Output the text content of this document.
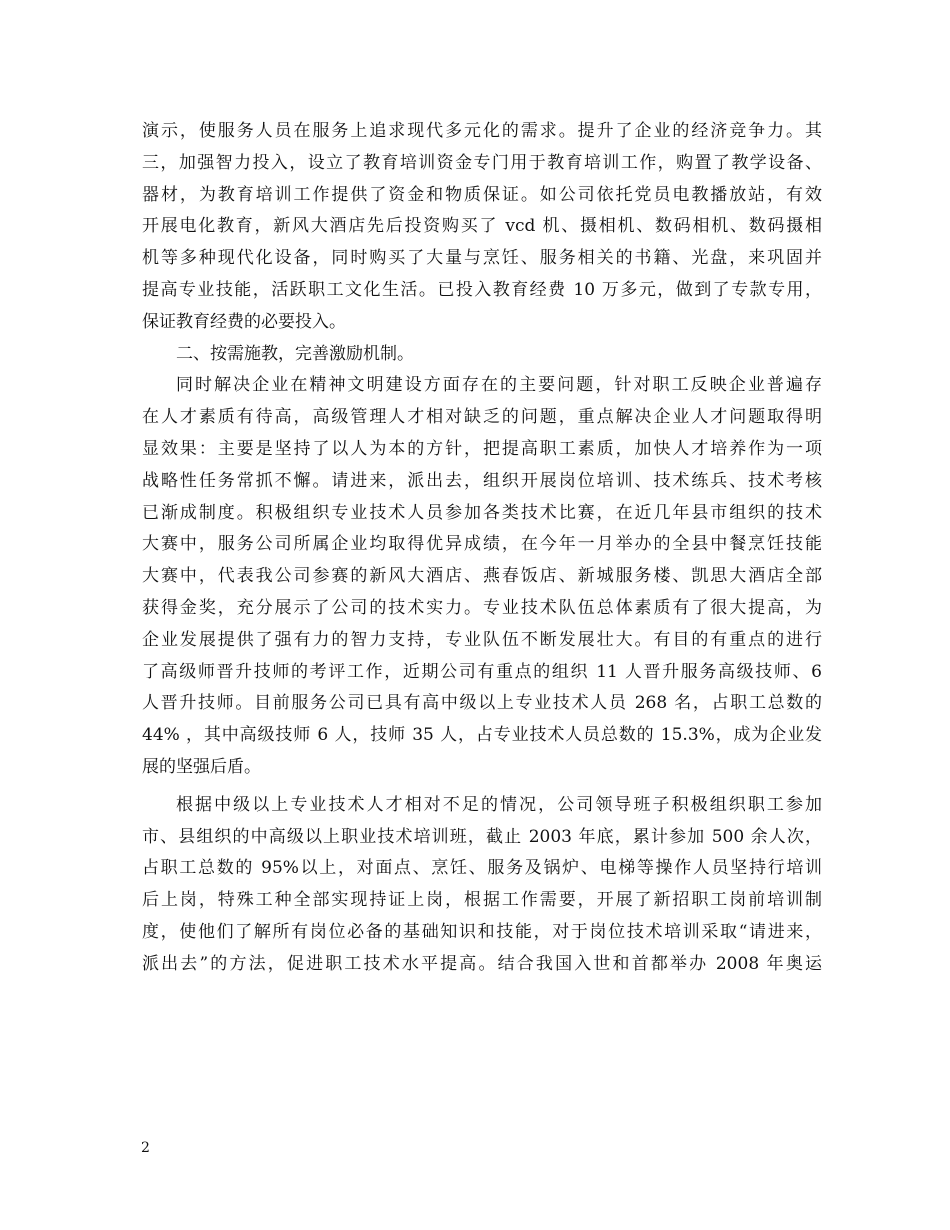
演示，使服务人员在服务上追求现代多元化的需求。提升了企业的经济竞争力。其
三，加强智力投入，设立了教育培训资金专门用于教育培训工作，购置了教学设备、
器材，为教育培训工作提供了资金和物质保证。如公司依托党员电教播放站，有效
开展电化教育，新风大酒店先后投资购买了 vcd 机、摄相机、数码相机、数码摄相
机等多种现代化设备，同时购买了大量与烹饪、服务相关的书籍、光盘，来巩固并
提高专业技能，活跃职工文化生活。已投入教育经费 10 万多元，做到了专款专用，
保证教育经费的必要投入。
二、按需施教，完善激励机制。
同时解决企业在精神文明建设方面存在的主要问题，针对职工反映企业普遍存
在人才素质有待高，高级管理人才相对缺乏的问题，重点解决企业人才问题取得明
显效果：主要是坚持了以人为本的方针，把提高职工素质，加快人才培养作为一项
战略性任务常抓不懈。请进来，派出去，组织开展岗位培训、技术练兵、技术考核
已渐成制度。积极组织专业技术人员参加各类技术比赛，在近几年县市组织的技术
大赛中，服务公司所属企业均取得优异成绩，在今年一月举办的全县中餐烹饪技能
大赛中，代表我公司参赛的新风大酒店、燕春饭店、新城服务楼、凯思大酒店全部
获得金奖，充分展示了公司的技术实力。专业技术队伍总体素质有了很大提高，为
企业发展提供了强有力的智力支持，专业队伍不断发展壮大。有目的有重点的进行
了高级师晋升技师的考评工作，近期公司有重点的组织 11 人晋升服务高级技师、6
人晋升技师。目前服务公司已具有高中级以上专业技术人员 268 名，占职工总数的
44% ，其中高级技师 6 人，技师 35 人，占专业技术人员总数的 15.3%，成为企业发
展的坚强后盾。
根据中级以上专业技术人才相对不足的情况，公司领导班子积极组织职工参加
市、县组织的中高级以上职业技术培训班，截止 2003 年底，累计参加 500 余人次，
占职工总数的 95%以上，对面点、烹饪、服务及锅炉、电梯等操作人员坚持行培训
后上岗，特殊工种全部实现持证上岗，根据工作需要，开展了新招职工岗前培训制
度，使他们了解所有岗位必备的基础知识和技能，对于岗位技术培训采取“请进来，
派出去”的方法，促进职工技术水平提高。结合我国入世和首都举办 2008 年奥运
2
